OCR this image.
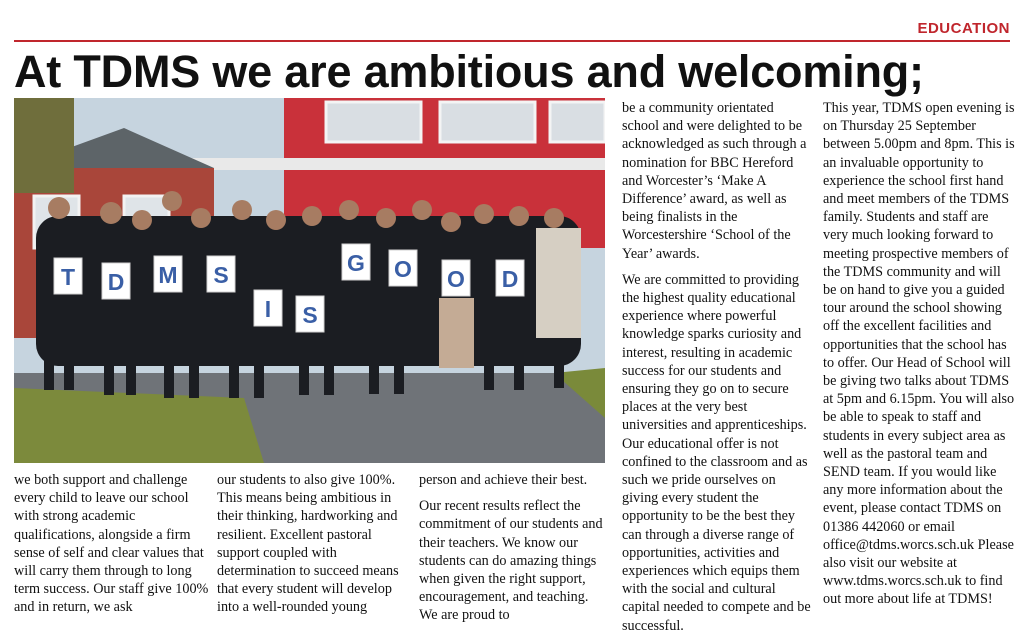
EDUCATION
At TDMS we are ambitious and welcoming;
T D M S
I S
G O O D

we both support and challenge every child to leave our school with strong academic qualifications, alongside a firm sense of self and clear values that will carry them through to long term success. Our staff give 100% and in return, we ask

our students to also give 100%. This means being ambitious in their thinking, hardworking and resilient. Excellent pastoral support coupled with determination to succeed means that every student will develop into a well-rounded young

person and achieve their best.

Our recent results reflect the commitment of our students and their teachers. We know our students can do amazing things when given the right support, encouragement, and teaching. We are proud to

be a community orientated school and were delighted to be acknowledged as such through a nomination for BBC Hereford and Worcester’s ‘Make A Difference’ award, as well as being finalists in the Worcestershire ‘School of the Year’ awards.

We are committed to providing the highest quality educational experience where powerful knowledge sparks curiosity and interest, resulting in academic success for our students and ensuring they go on to secure places at the very best universities and apprenticeships. Our educational offer is not confined to the classroom and as such we pride ourselves on giving every student the opportunity to be the best they can through a diverse range of opportunities, activities and experiences which equips them with the social and cultural capital needed to compete and be successful.

This year, TDMS open evening is on Thursday 25 September between 5.00pm and 8pm. This is an invaluable opportunity to experience the school first hand and meet members of the TDMS family. Students and staff are very much looking forward to meeting prospective members of the TDMS community and will be on hand to give you a guided tour around the school showing off the excellent facilities and opportunities that the school has to offer. Our Head of School will be giving two talks about TDMS at 5pm and 6.15pm. You will also be able to speak to staff and students in every subject area as well as the pastoral team and SEND team. If you would like any more information about the event, please contact TDMS on 01386 442060 or email office@tdms.worcs.sch.uk Please also visit our website at www.tdms.worcs.sch.uk to find out more about life at TDMS!
